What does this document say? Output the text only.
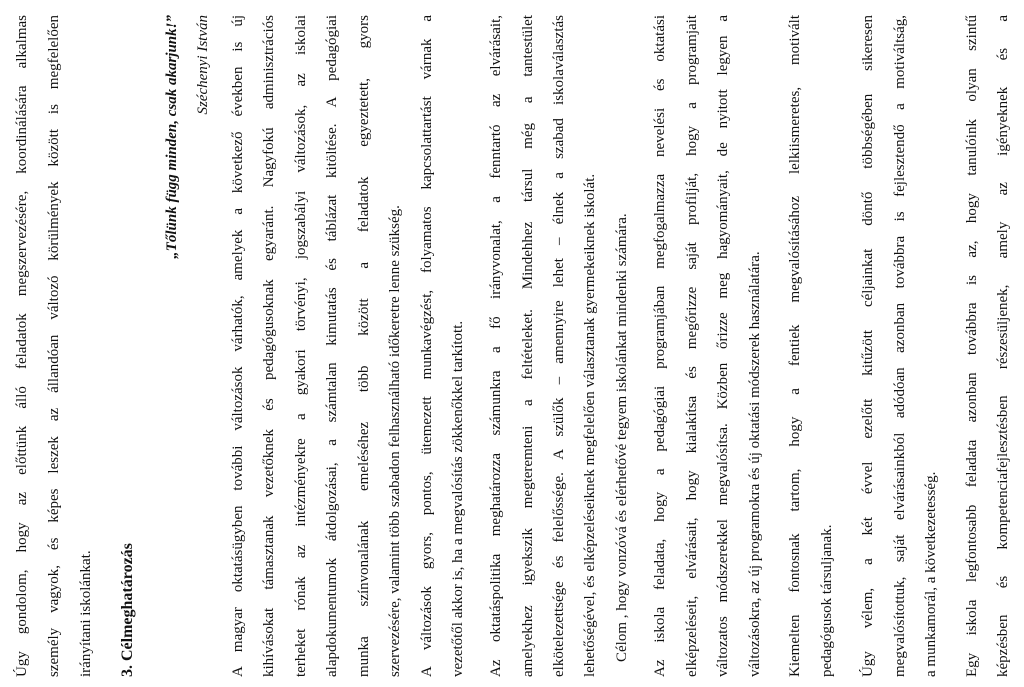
Úgy gondolom, hogy az előttünk álló feladatok megszervezésére, koordinálására alkalmas személy vagyok, és képes leszek az állandóan változó körülmények között is megfelelően irányítani iskolánkat. 3. Célmeghatározás
„Tőlünk függ minden, csak akarjunk!” Széchenyi István A magyar oktatásügyben további változások várhatók, amelyek a következő években is új kihívásokat támasztanak vezetőknek és pedagógusoknak egyaránt. Nagyfokú adminisztrációs terheket rónak az intézményekre a gyakori törvényi, jogszabályi változások, az iskolai alapdokumentumok átdolgozásai, a számtalan kimutatás és táblázat kitöltése. A pedagógiai munka színvonalának emeléséhez több között a feladatok egyeztetett, gyors szervezésére, valamint több szabadon felhasználható időkeretre lenne szükség. A változások gyors, pontos, ütemezett munkavégzést, folyamatos kapcsolattartást várnak a vezetőtől akkor is, ha a megvalósítás zökkenőkkel tarkított. Az oktatáspolitika meghatározza számunkra a fő irányvonalat, a fenntartó az elvárásait, amelyekhez igyekszik megteremteni a feltételeket. Mindehhez társul még a tantestület elkötelezettsége és felelőssége. A szülők – amennyire lehet – élnek a szabad iskolaválasztás lehetőségével, és elképzeléseiknek megfelelően választanak gyermekeiknek iskolát. Célom , hogy vonzóvá és elérhetővé tegyem iskolánkat mindenki számára. Az iskola feladata, hogy a pedagógiai programjában megfogalmazza nevelési és oktatási elképzeléseit, elvárásait, hogy kialakítsa és megőrizze saját profilját, hogy a programjait változatos módszerekkel megvalósítsa. Közben őrizze meg hagyományait, de nyitott legyen a változásokra, az új programokra és új oktatási módszerek használatára. Kiemelten fontosnak tartom, hogy a fentiek megvalósításához lelkiismeretes, motivált pedagógusok társuljanak. Úgy vélem, a két évvel ezelőtt kitűzött céljainkat döntő többségében sikeresen megvalósítottuk, saját elvárásainkból adódóan azonban továbbra is fejlesztendő a motiváltság, a munkamorál, a következetesség. Egy iskola legfontosabb feladata azonban továbbra is az, hogy tanulóink olyan szintű képzésben és kompetenciafejlesztésben részesüljenek, amely az igényeknek és a
